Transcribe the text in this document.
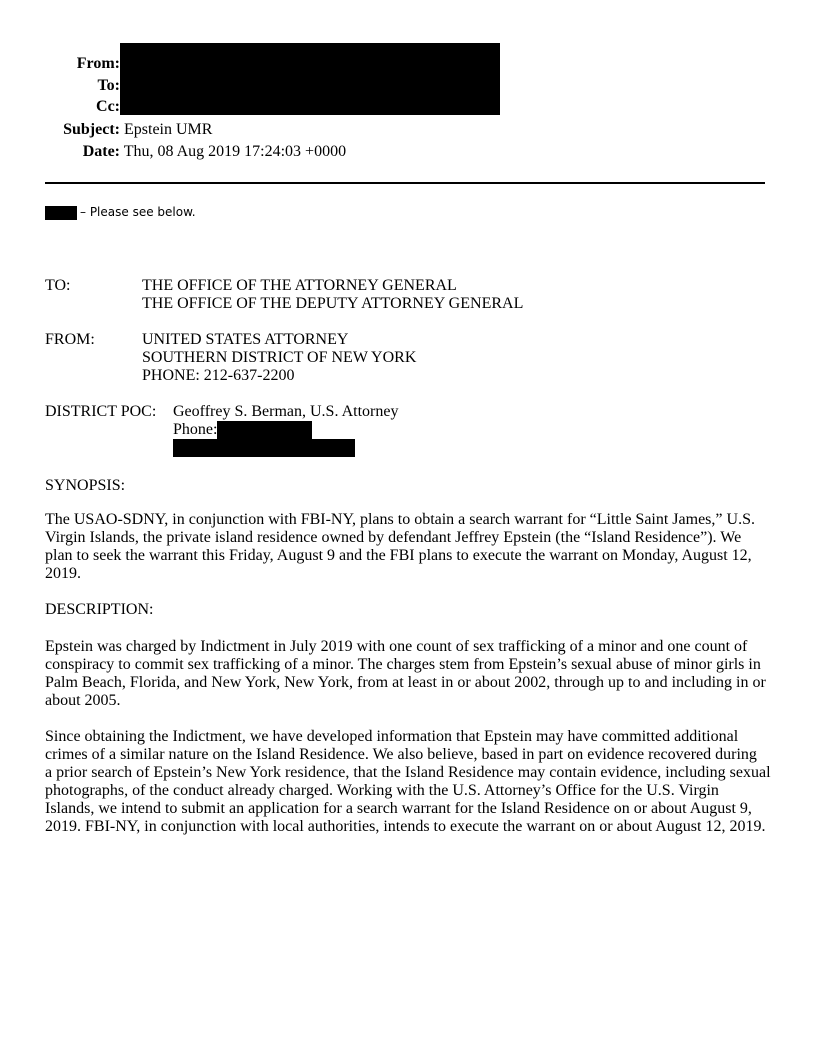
From:
To:
Cc:
Subject: Epstein UMR
Date: Thu, 08 Aug 2019 17:24:03 +0000
– Please see below.
TO:	THE OFFICE OF THE ATTORNEY GENERAL
THE OFFICE OF THE DEPUTY ATTORNEY GENERAL
FROM:	UNITED STATES ATTORNEY
SOUTHERN DISTRICT OF NEW YORK
PHONE: 212-637-2200
DISTRICT POC: Geoffrey S. Berman, U.S. Attorney
Phone:
SYNOPSIS:
The USAO-SDNY, in conjunction with FBI-NY, plans to obtain a search warrant for “Little Saint James,” U.S.
Virgin Islands, the private island residence owned by defendant Jeffrey Epstein (the “Island Residence”). We
plan to seek the warrant this Friday, August 9 and the FBI plans to execute the warrant on Monday, August 12,
2019.
DESCRIPTION:
Epstein was charged by Indictment in July 2019 with one count of sex trafficking of a minor and one count of
conspiracy to commit sex trafficking of a minor. The charges stem from Epstein’s sexual abuse of minor girls in
Palm Beach, Florida, and New York, New York, from at least in or about 2002, through up to and including in or
about 2005.
Since obtaining the Indictment, we have developed information that Epstein may have committed additional
crimes of a similar nature on the Island Residence. We also believe, based in part on evidence recovered during
a prior search of Epstein’s New York residence, that the Island Residence may contain evidence, including sexual
photographs, of the conduct already charged. Working with the U.S. Attorney’s Office for the U.S. Virgin
Islands, we intend to submit an application for a search warrant for the Island Residence on or about August 9,
2019. FBI-NY, in conjunction with local authorities, intends to execute the warrant on or about August 12, 2019.
